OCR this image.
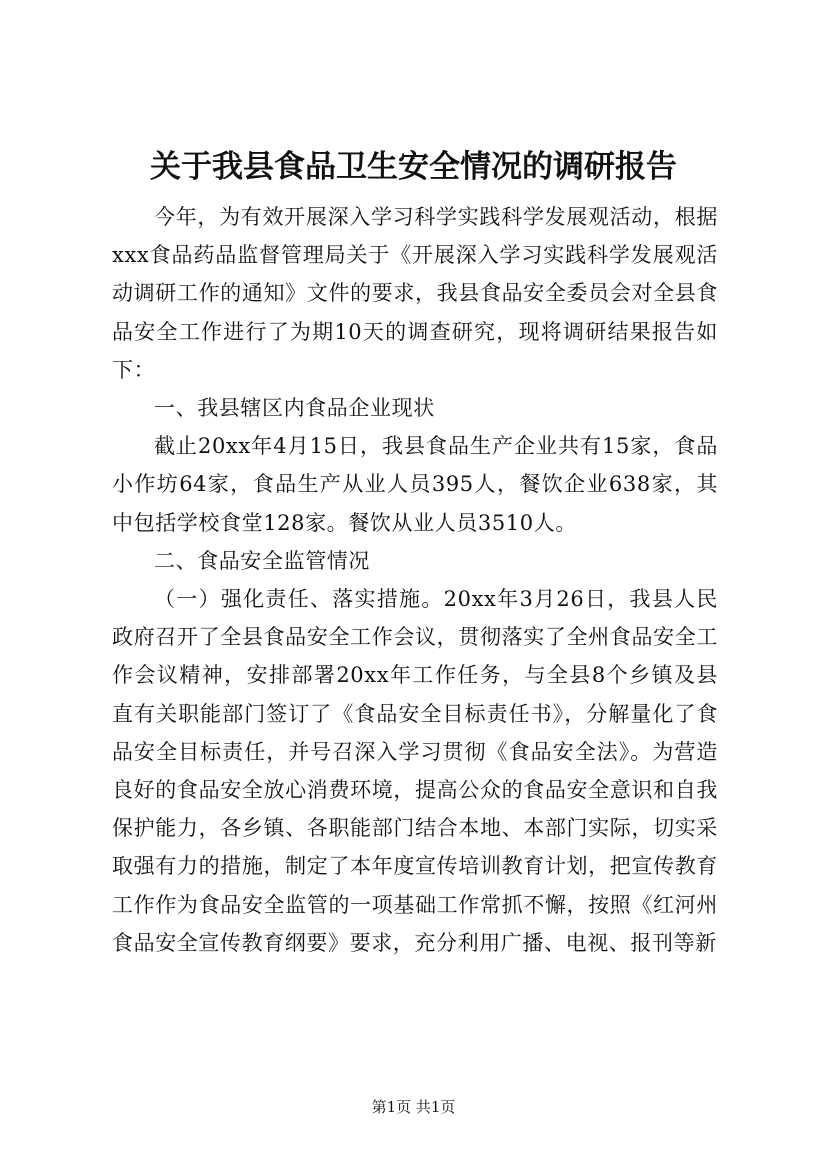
关于我县食品卫生安全情况的调研报告

今年，为有效开展深入学习科学实践科学发展观活动，根据xxx食品药品监督管理局关于《开展深入学习实践科学发展观活动调研工作的通知》文件的要求，我县食品安全委员会对全县食品安全工作进行了为期10天的调查研究，现将调研结果报告如下：

一、我县辖区内食品企业现状

截止20xx年4月15日，我县食品生产企业共有15家，食品小作坊64家，食品生产从业人员395人，餐饮企业638家，其中包括学校食堂128家。餐饮从业人员3510人。

二、食品安全监管情况

（一）强化责任、落实措施。20xx年3月26日，我县人民政府召开了全县食品安全工作会议，贯彻落实了全州食品安全工作会议精神，安排部署20xx年工作任务，与全县8个乡镇及县直有关职能部门签订了《食品安全目标责任书》，分解量化了食品安全目标责任，并号召深入学习贯彻《食品安全法》。为营造良好的食品安全放心消费环境，提高公众的食品安全意识和自我保护能力，各乡镇、各职能部门结合本地、本部门实际，切实采取强有力的措施，制定了本年度宣传培训教育计划，把宣传教育工作作为食品安全监管的一项基础工作常抓不懈，按照《红河州食品安全宣传教育纲要》要求，充分利用广播、电视、报刊等新

第1页 共1页
